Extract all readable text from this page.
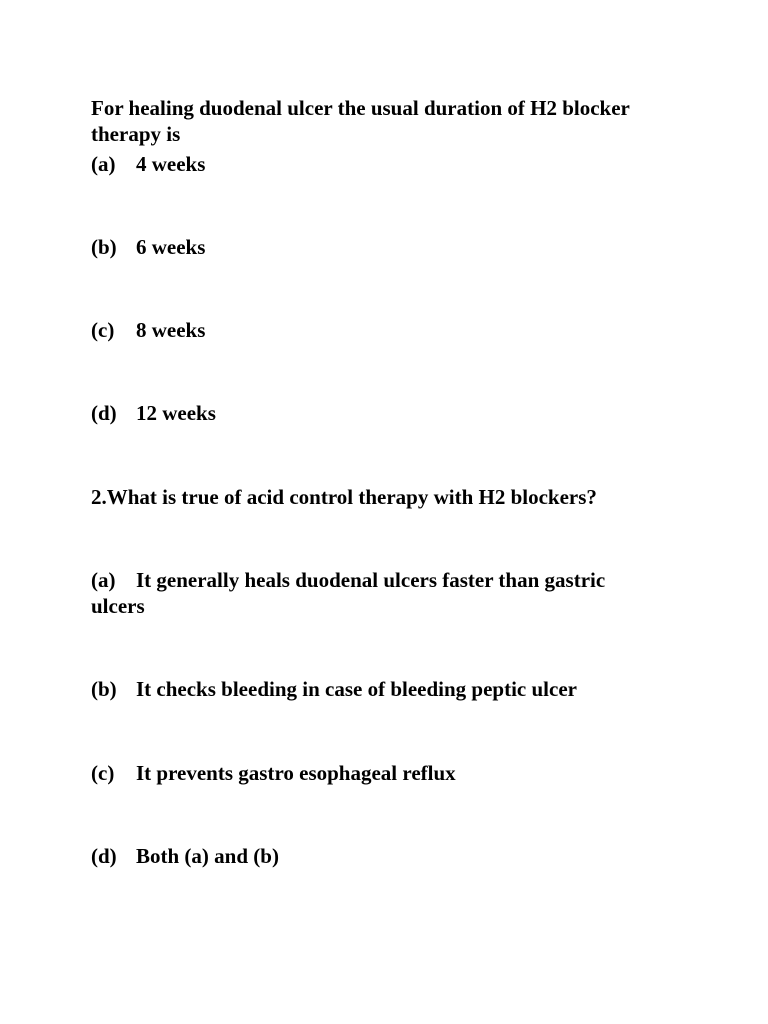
For healing duodenal ulcer the usual duration of H2 blocker
therapy is
(a) 4 weeks
(b) 6 weeks
(c) 8 weeks
(d) 12 weeks
2.What is true of acid control therapy with H2 blockers?
(a) It generally heals duodenal ulcers faster than gastric
ulcers
(b) It checks bleeding in case of bleeding peptic ulcer
(c) It prevents gastro esophageal reflux
(d) Both (a) and (b)
